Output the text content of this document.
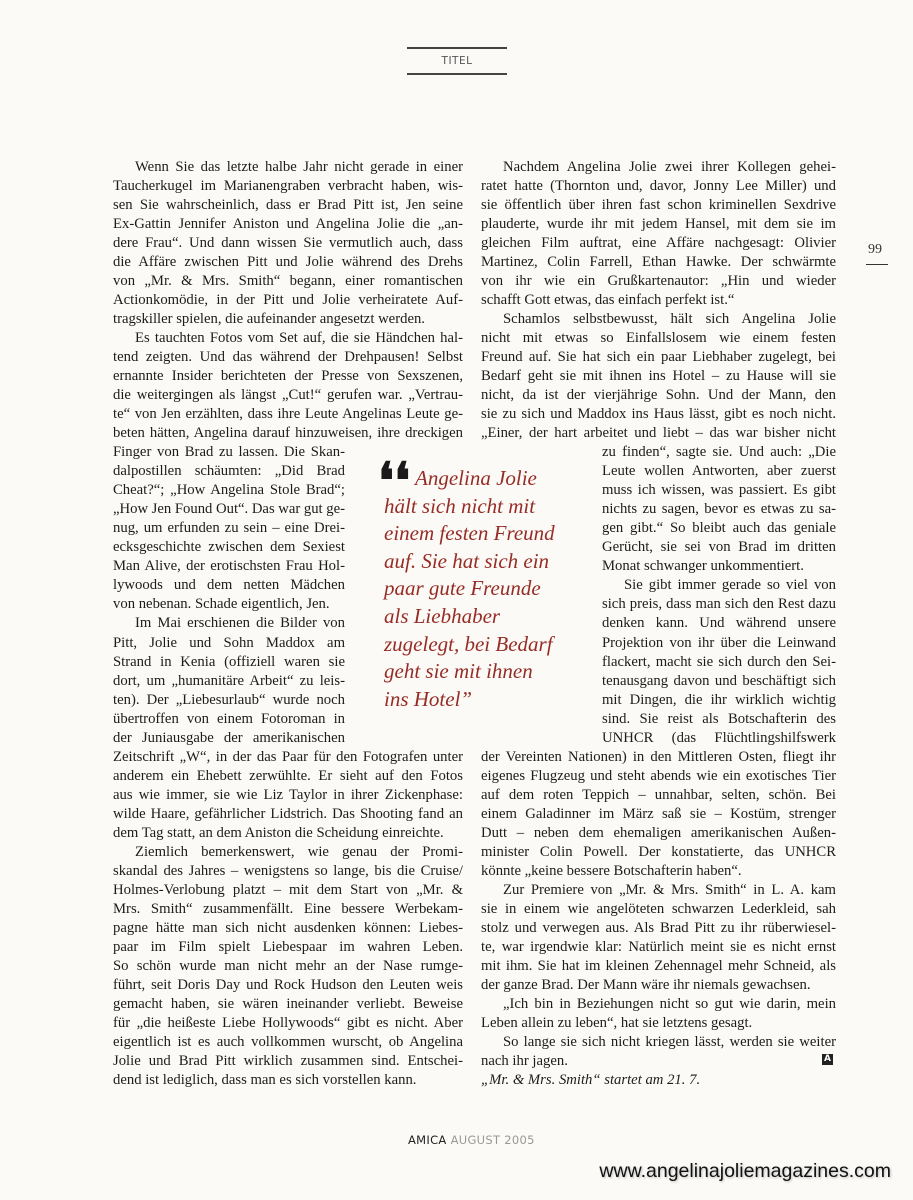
TITEL
99
Wenn Sie das letzte halbe Jahr nicht gerade in einer
Taucherkugel im Marianengraben verbracht haben, wis-
sen Sie wahrscheinlich, dass er Brad Pitt ist, Jen seine
Ex-Gattin Jennifer Aniston und Angelina Jolie die „an-
dere Frau“. Und dann wissen Sie vermutlich auch, dass
die Affäre zwischen Pitt und Jolie während des Drehs
von „Mr. & Mrs. Smith“ begann, einer romantischen
Actionkomödie, in der Pitt und Jolie verheiratete Auf-
tragskiller spielen, die aufeinander angesetzt werden.
Es tauchten Fotos vom Set auf, die sie Händchen hal-
tend zeigten. Und das während der Drehpausen! Selbst
ernannte Insider berichteten der Presse von Sexszenen,
die weitergingen als längst „Cut!“ gerufen war. „Vertrau-
te“ von Jen erzählten, dass ihre Leute Angelinas Leute ge-
beten hätten, Angelina darauf hinzuweisen, ihre dreckigen
Finger von Brad zu lassen. Die Skan-
dalpostillen schäumten: „Did Brad
Cheat?“; „How Angelina Stole Brad“;
„How Jen Found Out“. Das war gut ge-
nug, um erfunden zu sein – eine Drei-
ecksgeschichte zwischen dem Sexiest
Man Alive, der erotischsten Frau Hol-
lywoods und dem netten Mädchen
von nebenan. Schade eigentlich, Jen.
Im Mai erschienen die Bilder von
Pitt, Jolie und Sohn Maddox am
Strand in Kenia (offiziell waren sie
dort, um „humanitäre Arbeit“ zu leis-
ten). Der „Liebesurlaub“ wurde noch
übertroffen von einem Fotoroman in
der Juniausgabe der amerikanischen
Zeitschrift „W“, in der das Paar für den Fotografen unter
anderem ein Ehebett zerwühlte. Er sieht auf den Fotos
aus wie immer, sie wie Liz Taylor in ihrer Zickenphase:
wilde Haare, gefährlicher Lidstrich. Das Shooting fand an
dem Tag statt, an dem Aniston die Scheidung einreichte.
Ziemlich bemerkenswert, wie genau der Promi-
skandal des Jahres – wenigstens so lange, bis die Cruise/
Holmes-Verlobung platzt – mit dem Start von „Mr. &
Mrs. Smith“ zusammenfällt. Eine bessere Werbekam-
pagne hätte man sich nicht ausdenken können: Liebes-
paar im Film spielt Liebespaar im wahren Leben.
So schön wurde man nicht mehr an der Nase rumge-
führt, seit Doris Day und Rock Hudson den Leuten weis
gemacht haben, sie wären ineinander verliebt. Beweise
für „die heißeste Liebe Hollywoods“ gibt es nicht. Aber
eigentlich ist es auch vollkommen wurscht, ob Angelina
Jolie und Brad Pitt wirklich zusammen sind. Entschei-
dend ist lediglich, dass man es sich vorstellen kann.
Nachdem Angelina Jolie zwei ihrer Kollegen gehei-
ratet hatte (Thornton und, davor, Jonny Lee Miller) und
sie öffentlich über ihren fast schon kriminellen Sexdrive
plauderte, wurde ihr mit jedem Hansel, mit dem sie im
gleichen Film auftrat, eine Affäre nachgesagt: Olivier
Martinez, Colin Farrell, Ethan Hawke. Der schwärmte
von ihr wie ein Grußkartenautor: „Hin und wieder
schafft Gott etwas, das einfach perfekt ist.“
Schamlos selbstbewusst, hält sich Angelina Jolie
nicht mit etwas so Einfallslosem wie einem festen
Freund auf. Sie hat sich ein paar Liebhaber zugelegt, bei
Bedarf geht sie mit ihnen ins Hotel – zu Hause will sie
nicht, da ist der vierjährige Sohn. Und der Mann, den
sie zu sich und Maddox ins Haus lässt, gibt es noch nicht.
„Einer, der hart arbeitet und liebt – das war bisher nicht
zu finden“, sagte sie. Und auch: „Die
Leute wollen Antworten, aber zuerst
muss ich wissen, was passiert. Es gibt
nichts zu sagen, bevor es etwas zu sa-
gen gibt.“ So bleibt auch das geniale
Gerücht, sie sei von Brad im dritten
Monat schwanger unkommentiert.
Sie gibt immer gerade so viel von
sich preis, dass man sich den Rest dazu
denken kann. Und während unsere
Projektion von ihr über die Leinwand
flackert, macht sie sich durch den Sei-
tenausgang davon und beschäftigt sich
mit Dingen, die ihr wirklich wichtig
sind. Sie reist als Botschafterin des
UNHCR (das Flüchtlingshilfswerk
der Vereinten Nationen) in den Mittleren Osten, fliegt ihr
eigenes Flugzeug und steht abends wie ein exotisches Tier
auf dem roten Teppich – unnahbar, selten, schön. Bei
einem Galadinner im März saß sie – Kostüm, strenger
Dutt – neben dem ehemaligen amerikanischen Außen-
minister Colin Powell. Der konstatierte, das UNHCR
könnte „keine bessere Botschafterin haben“.
Zur Premiere von „Mr. & Mrs. Smith“ in L. A. kam
sie in einem wie angelöteten schwarzen Lederkleid, sah
stolz und verwegen aus. Als Brad Pitt zu ihr rüberwiesel-
te, war irgendwie klar: Natürlich meint sie es nicht ernst
mit ihm. Sie hat im kleinen Zehennagel mehr Schneid, als
der ganze Brad. Der Mann wäre ihr niemals gewachsen.
„Ich bin in Beziehungen nicht so gut wie darin, mein
Leben allein zu leben“, hat sie letztens gesagt.
So lange sie sich nicht kriegen lässt, werden sie weiter
nach ihr jagen.
„Mr. & Mrs. Smith“ startet am 21. 7.
❛❛ Angelina Jolie
hält sich nicht mit
einem festen Freund
auf. Sie hat sich ein
paar gute Freunde
als Liebhaber
zugelegt, bei Bedarf
geht sie mit ihnen
ins Hotel”
A
AMICA AUGUST 2005
www.angelinajoliemagazines.com
